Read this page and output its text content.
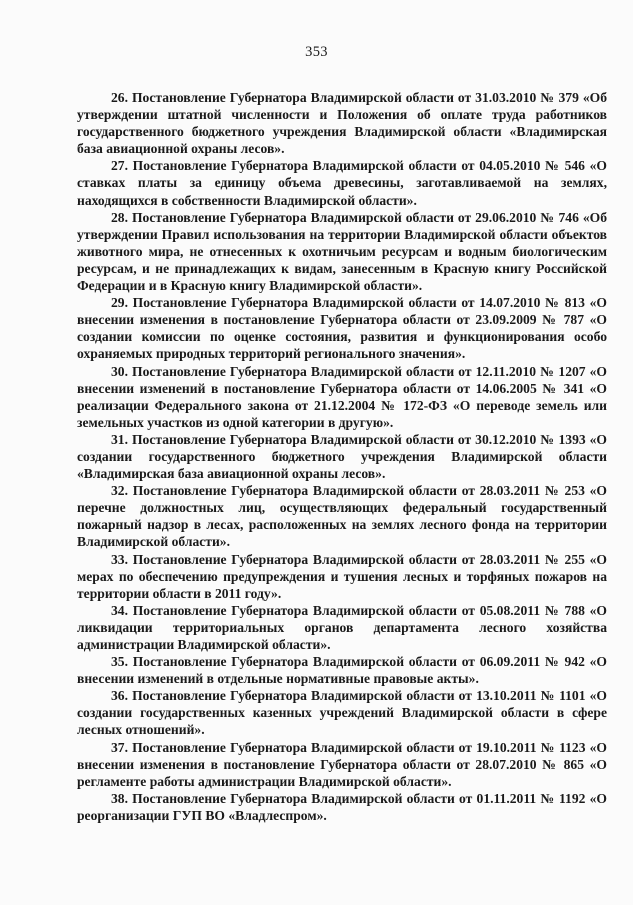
353

26. Постановление Губернатора Владимирской области от 31.03.2010 № 379 «Об утверждении штатной численности и Положения об оплате труда работников государственного бюджетного учреждения Владимирской области «Владимирская база авиационной охраны лесов».

27. Постановление Губернатора Владимирской области от 04.05.2010 № 546 «О ставках платы за единицу объема древесины, заготавливаемой на землях, находящихся в собственности Владимирской области».

28. Постановление Губернатора Владимирской области от 29.06.2010 № 746 «Об утверждении Правил использования на территории Владимирской области объектов животного мира, не отнесенных к охотничьим ресурсам и водным биологическим ресурсам, и не принадлежащих к видам, занесенным в Красную книгу Российской Федерации и в Красную книгу Владимирской области».

29. Постановление Губернатора Владимирской области от 14.07.2010 № 813 «О внесении изменения в постановление Губернатора области от 23.09.2009 № 787 «О создании комиссии по оценке состояния, развития и функционирования особо охраняемых природных территорий регионального значения».

30. Постановление Губернатора Владимирской области от 12.11.2010 № 1207 «О внесении изменений в постановление Губернатора области от 14.06.2005 № 341 «О реализации Федерального закона от 21.12.2004 № 172-ФЗ «О переводе земель или земельных участков из одной категории в другую».

31. Постановление Губернатора Владимирской области от 30.12.2010 № 1393 «О создании государственного бюджетного учреждения Владимирской области «Владимирская база авиационной охраны лесов».

32. Постановление Губернатора Владимирской области от 28.03.2011 № 253 «О перечне должностных лиц, осуществляющих федеральный государственный пожарный надзор в лесах, расположенных на землях лесного фонда на территории Владимирской области».

33. Постановление Губернатора Владимирской области от 28.03.2011 № 255 «О мерах по обеспечению предупреждения и тушения лесных и торфяных пожаров на территории области в 2011 году».

34. Постановление Губернатора Владимирской области от 05.08.2011 № 788 «О ликвидации территориальных органов департамента лесного хозяйства администрации Владимирской области».

35. Постановление Губернатора Владимирской области от 06.09.2011 № 942 «О внесении изменений в отдельные нормативные правовые акты».

36. Постановление Губернатора Владимирской области от 13.10.2011 № 1101 «О создании государственных казенных учреждений Владимирской области в сфере лесных отношений».

37. Постановление Губернатора Владимирской области от 19.10.2011 № 1123 «О внесении изменения в постановление Губернатора области от 28.07.2010 № 865 «О регламенте работы администрации Владимирской области».

38. Постановление Губернатора Владимирской области от 01.11.2011 № 1192 «О реорганизации ГУП ВО «Владлеспром».
